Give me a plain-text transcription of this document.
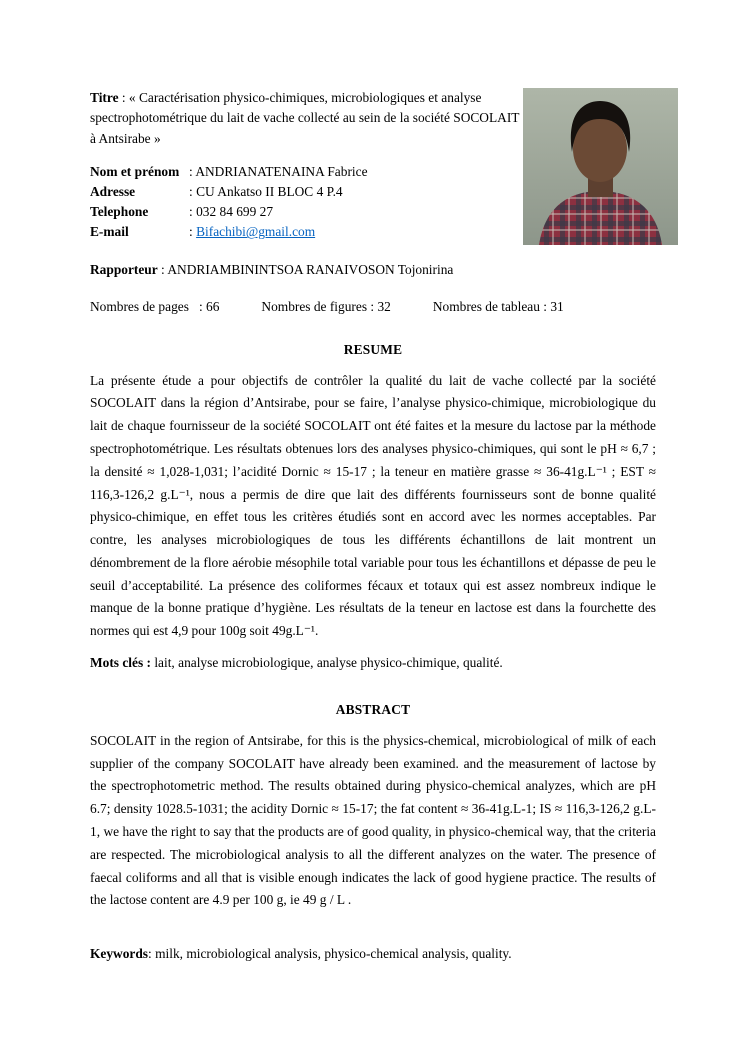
Titre : « Caractérisation physico-chimiques, microbiologiques et analyse spectrophotométrique du lait de vache collecté au sein de la société SOCOLAIT à Antsirabe »

Nom et prénom : ANDRIANATENAINA Fabrice
Adresse	: CU Ankatso II BLOC 4 P.4
Telephone	: 032 84 699 27
E-mail	: Bifachibi@gmail.com

Rapporteur : ANDRIAMBININTSOA RANAIVOSON Tojonirina

Nombres de pages   : 66	Nombres de figures : 32	Nombres de tableau : 31
RESUME

La présente étude a pour objectifs de contrôler la qualité du lait de vache collecté par la société SOCOLAIT dans la région d’Antsirabe, pour se faire, l’analyse physico-chimique, microbiologique du lait de chaque fournisseur de la société SOCOLAIT ont été faites et la mesure du lactose par la méthode spectrophotométrique. Les résultats obtenues lors des analyses physico-chimiques, qui sont le pH ≈ 6,7 ; la densité ≈ 1,028-1,031; l’acidité Dornic ≈ 15-17 ; la teneur en matière grasse ≈ 36-41g.L⁻¹ ; EST ≈ 116,3-126,2 g.L⁻¹, nous a permis de dire que lait des différents fournisseurs sont de bonne qualité physico-chimique, en effet tous les critères étudiés sont en accord avec les normes acceptables. Par contre, les analyses microbiologiques de tous les différents échantillons de lait montrent un dénombrement de la flore aérobie mésophile total variable pour tous les échantillons et dépasse de peu le seuil d’acceptabilité. La présence des coliformes fécaux et totaux qui est assez nombreux indique le manque de la bonne pratique d’hygiène. Les résultats de la teneur en lactose est dans la fourchette des normes qui est 4,9 pour 100g soit 49g.L⁻¹.

Mots clés : lait, analyse microbiologique, analyse physico-chimique, qualité.

ABSTRACT

SOCOLAIT in the region of Antsirabe, for this is the physics-chemical, microbiological of milk of each supplier of the company SOCOLAIT have already been examined. and the measurement of lactose by the spectrophotometric method. The results obtained during physico-chemical analyzes, which are pH 6.7; density 1028.5-1031; the acidity Dornic ≈ 15-17; the fat content ≈ 36-41g.L-1; IS ≈ 116,3-126,2 g.L-1, we have the right to say that the products are of good quality, in physico-chemical way, that the criteria are respected. The microbiological analysis to all the different analyzes on the water. The presence of faecal coliforms and all that is visible enough indicates the lack of good hygiene practice. The results of the lactose content are 4.9 per 100 g, ie 49 g / L .

Keywords: milk, microbiological analysis, physico-chemical analysis, quality.
